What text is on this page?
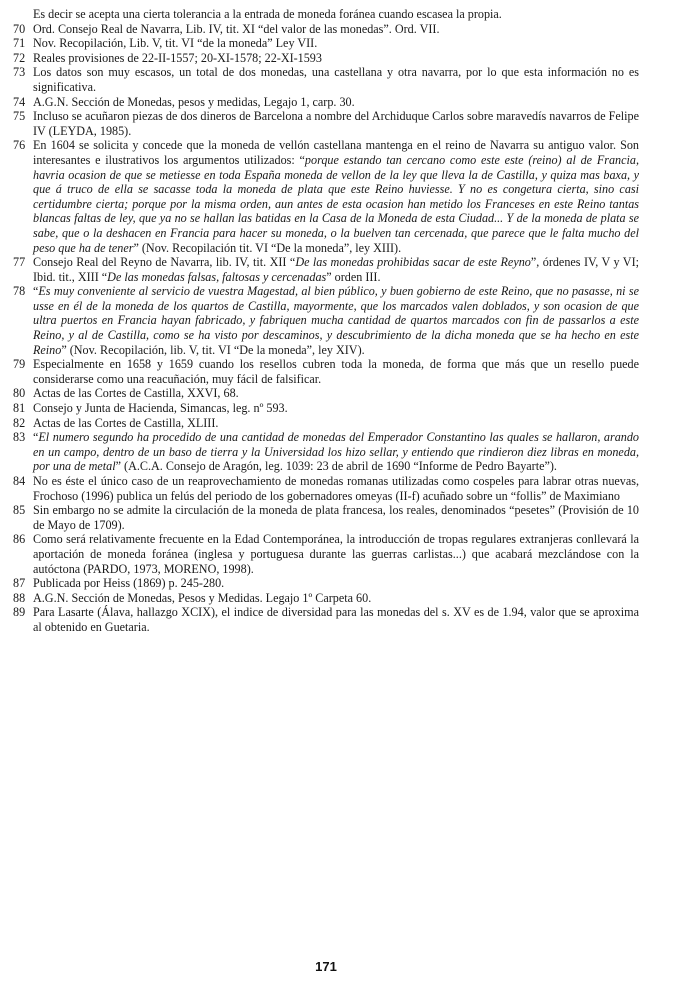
Es decir se acepta una cierta tolerancia a la entrada de moneda foránea cuando escasea la propia.
70 Ord. Consejo Real de Navarra, Lib. IV, tit. XI “del valor de las monedas”. Ord. VII.
71 Nov. Recopilación, Lib. V, tit. VI “de la moneda” Ley VII.
72 Reales provisiones de 22-II-1557; 20-XI-1578; 22-XI-1593
73 Los datos son muy escasos, un total de dos monedas, una castellana y otra navarra, por lo que esta información no es significativa.
74 A.G.N. Sección de Monedas, pesos y medidas, Legajo 1, carp. 30.
75 Incluso se acuñaron piezas de dos dineros de Barcelona a nombre del Archiduque Carlos sobre maravedís navarros de Felipe IV (LEYDA, 1985).
76 En 1604 se solicita y concede que la moneda de vellón castellana mantenga en el reino de Navarra su antiguo valor. Son interesantes e ilustrativos los argumentos utilizados: “porque estando tan cercano como este este (reino) al de Francia, havria ocasion de que se metiesse en toda España moneda de vellon de la ley que lleva la de Castilla, y quiza mas baxa, y que á truco de ella se sacasse toda la moneda de plata que este Reino huviesse. Y no es congetura cierta, sino casi certidumbre cierta; porque por la misma orden, aun antes de esta ocasion han metido los Franceses en este Reino tantas blancas faltas de ley, que ya no se hallan las batidas en la Casa de la Moneda de esta Ciudad... Y de la moneda de plata se sabe, que o la deshacen en Francia para hacer su moneda, o la buelven tan cercenada, que parece que le falta mucho del peso que ha de tener” (Nov. Recopilación tit. VI “De la moneda”, ley XIII).
77 Consejo Real del Reyno de Navarra, lib. IV, tit. XII “De las monedas prohibidas sacar de este Reyno”, órdenes IV, V y VI; Ibid. tit., XIII “De las monedas falsas, faltosas y cercenadas” orden III.
78 “Es muy conveniente al servicio de vuestra Magestad, al bien público, y buen gobierno de este Reino, que no pasasse, ni se usse en él de la moneda de los quartos de Castilla, mayormente, que los marcados valen doblados, y son ocasion de que ultra puertos en Francia hayan fabricado, y fabriquen mucha cantidad de quartos marcados con fin de passarlos a este Reino, y al de Castilla, como se ha visto por descaminos, y descubrimiento de la dicha moneda que se ha hecho en este Reino” (Nov. Recopilación, lib. V, tit. VI “De la moneda”, ley XIV).
79 Especialmente en 1658 y 1659 cuando los resellos cubren toda la moneda, de forma que más que un resello puede considerarse como una reacuñación, muy fácil de falsificar.
80 Actas de las Cortes de Castilla, XXVI, 68.
81 Consejo y Junta de Hacienda, Simancas, leg. nº 593.
82 Actas de las Cortes de Castilla, XLIII.
83 “El numero segundo ha procedido de una cantidad de monedas del Emperador Constantino las quales se hallaron, arando en un campo, dentro de un baso de tierra y la Universidad los hizo sellar, y entiendo que rindieron diez libras en moneda, por una de metal” (A.C.A. Consejo de Aragón, leg. 1039: 23 de abril de 1690 “Informe de Pedro Bayarte”).
84 No es éste el único caso de un reaprovechamiento de monedas romanas utilizadas como cospeles para labrar otras nuevas, Frochoso (1996) publica un felús del periodo de los gobernadores omeyas (II-f) acuñado sobre un “follis” de Maximiano
85 Sin embargo no se admite la circulación de la moneda de plata francesa, los reales, denominados “pesetes” (Provisión de 10 de Mayo de 1709).
86 Como será relativamente frecuente en la Edad Contemporánea, la introducción de tropas regulares extranjeras conllevará la aportación de moneda foránea (inglesa y portuguesa durante las guerras carlistas...) que acabará mezclándose con la autóctona (PARDO, 1973, MORENO, 1998).
87 Publicada por Heiss (1869) p. 245-280.
88 A.G.N. Sección de Monedas, Pesos y Medidas. Legajo 1º Carpeta 60.
89 Para Lasarte (Álava, hallazgo XCIX), el indice de diversidad para las monedas del s. XV es de 1.94, valor que se aproxima al obtenido en Guetaria.
171
